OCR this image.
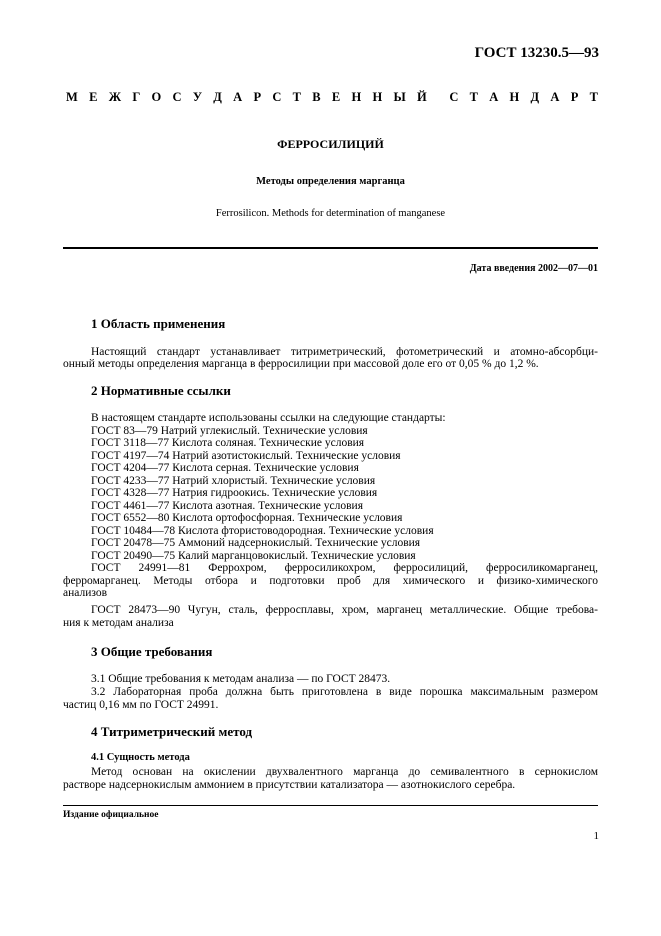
ГОСТ 13230.5—93
М Е Ж Г О С У Д А Р С Т В Е Н Н Ы Й С Т А Н Д А Р Т
ФЕРРОСИЛИЦИЙ
Методы определения марганца
Ferrosilicon. Methods for determination of manganese
Дата введения 2002—07—01
1 Область применения
Настоящий стандарт устанавливает титриметрический, фотометрический и атомно-абсорбци-
онный методы определения марганца в ферросилиции при массовой доле его от 0,05 % до 1,2 %.
2 Нормативные ссылки
В настоящем стандарте использованы ссылки на следующие стандарты:
ГОСТ 83—79 Натрий углекислый. Технические условия
ГОСТ 3118—77 Кислота соляная. Технические условия
ГОСТ 4197—74 Натрий азотистокислый. Технические условия
ГОСТ 4204—77 Кислота серная. Технические условия
ГОСТ 4233—77 Натрий хлористый. Технические условия
ГОСТ 4328—77 Натрия гидроокись. Технические условия
ГОСТ 4461—77 Кислота азотная. Технические условия
ГОСТ 6552—80 Кислота ортофосфорная. Технические условия
ГОСТ 10484—78 Кислота фтористоводородная. Технические условия
ГОСТ 20478—75 Аммоний надсернокислый. Технические условия
ГОСТ 20490—75 Калий марганцовокислый. Технические условия
ГОСТ 24991—81 Феррохром, ферросиликохром, ферросилиций, ферросиликомарганец,
ферромарганец. Методы отбора и подготовки проб для химического и физико-химического
анализов
ГОСТ 28473—90 Чугун, сталь, ферросплавы, хром, марганец металлические. Общие требова-
ния к методам анализа
3 Общие требования
3.1 Общие требования к методам анализа — по ГОСТ 28473.
3.2 Лабораторная проба должна быть приготовлена в виде порошка максимальным размером
частиц 0,16 мм по ГОСТ 24991.
4 Титриметрический метод
4.1 Сущность метода
Метод основан на окислении двухвалентного марганца до семивалентного в сернокислом
растворе надсернокислым аммонием в присутствии катализатора — азотнокислого серебра.
Издание официальное
1
